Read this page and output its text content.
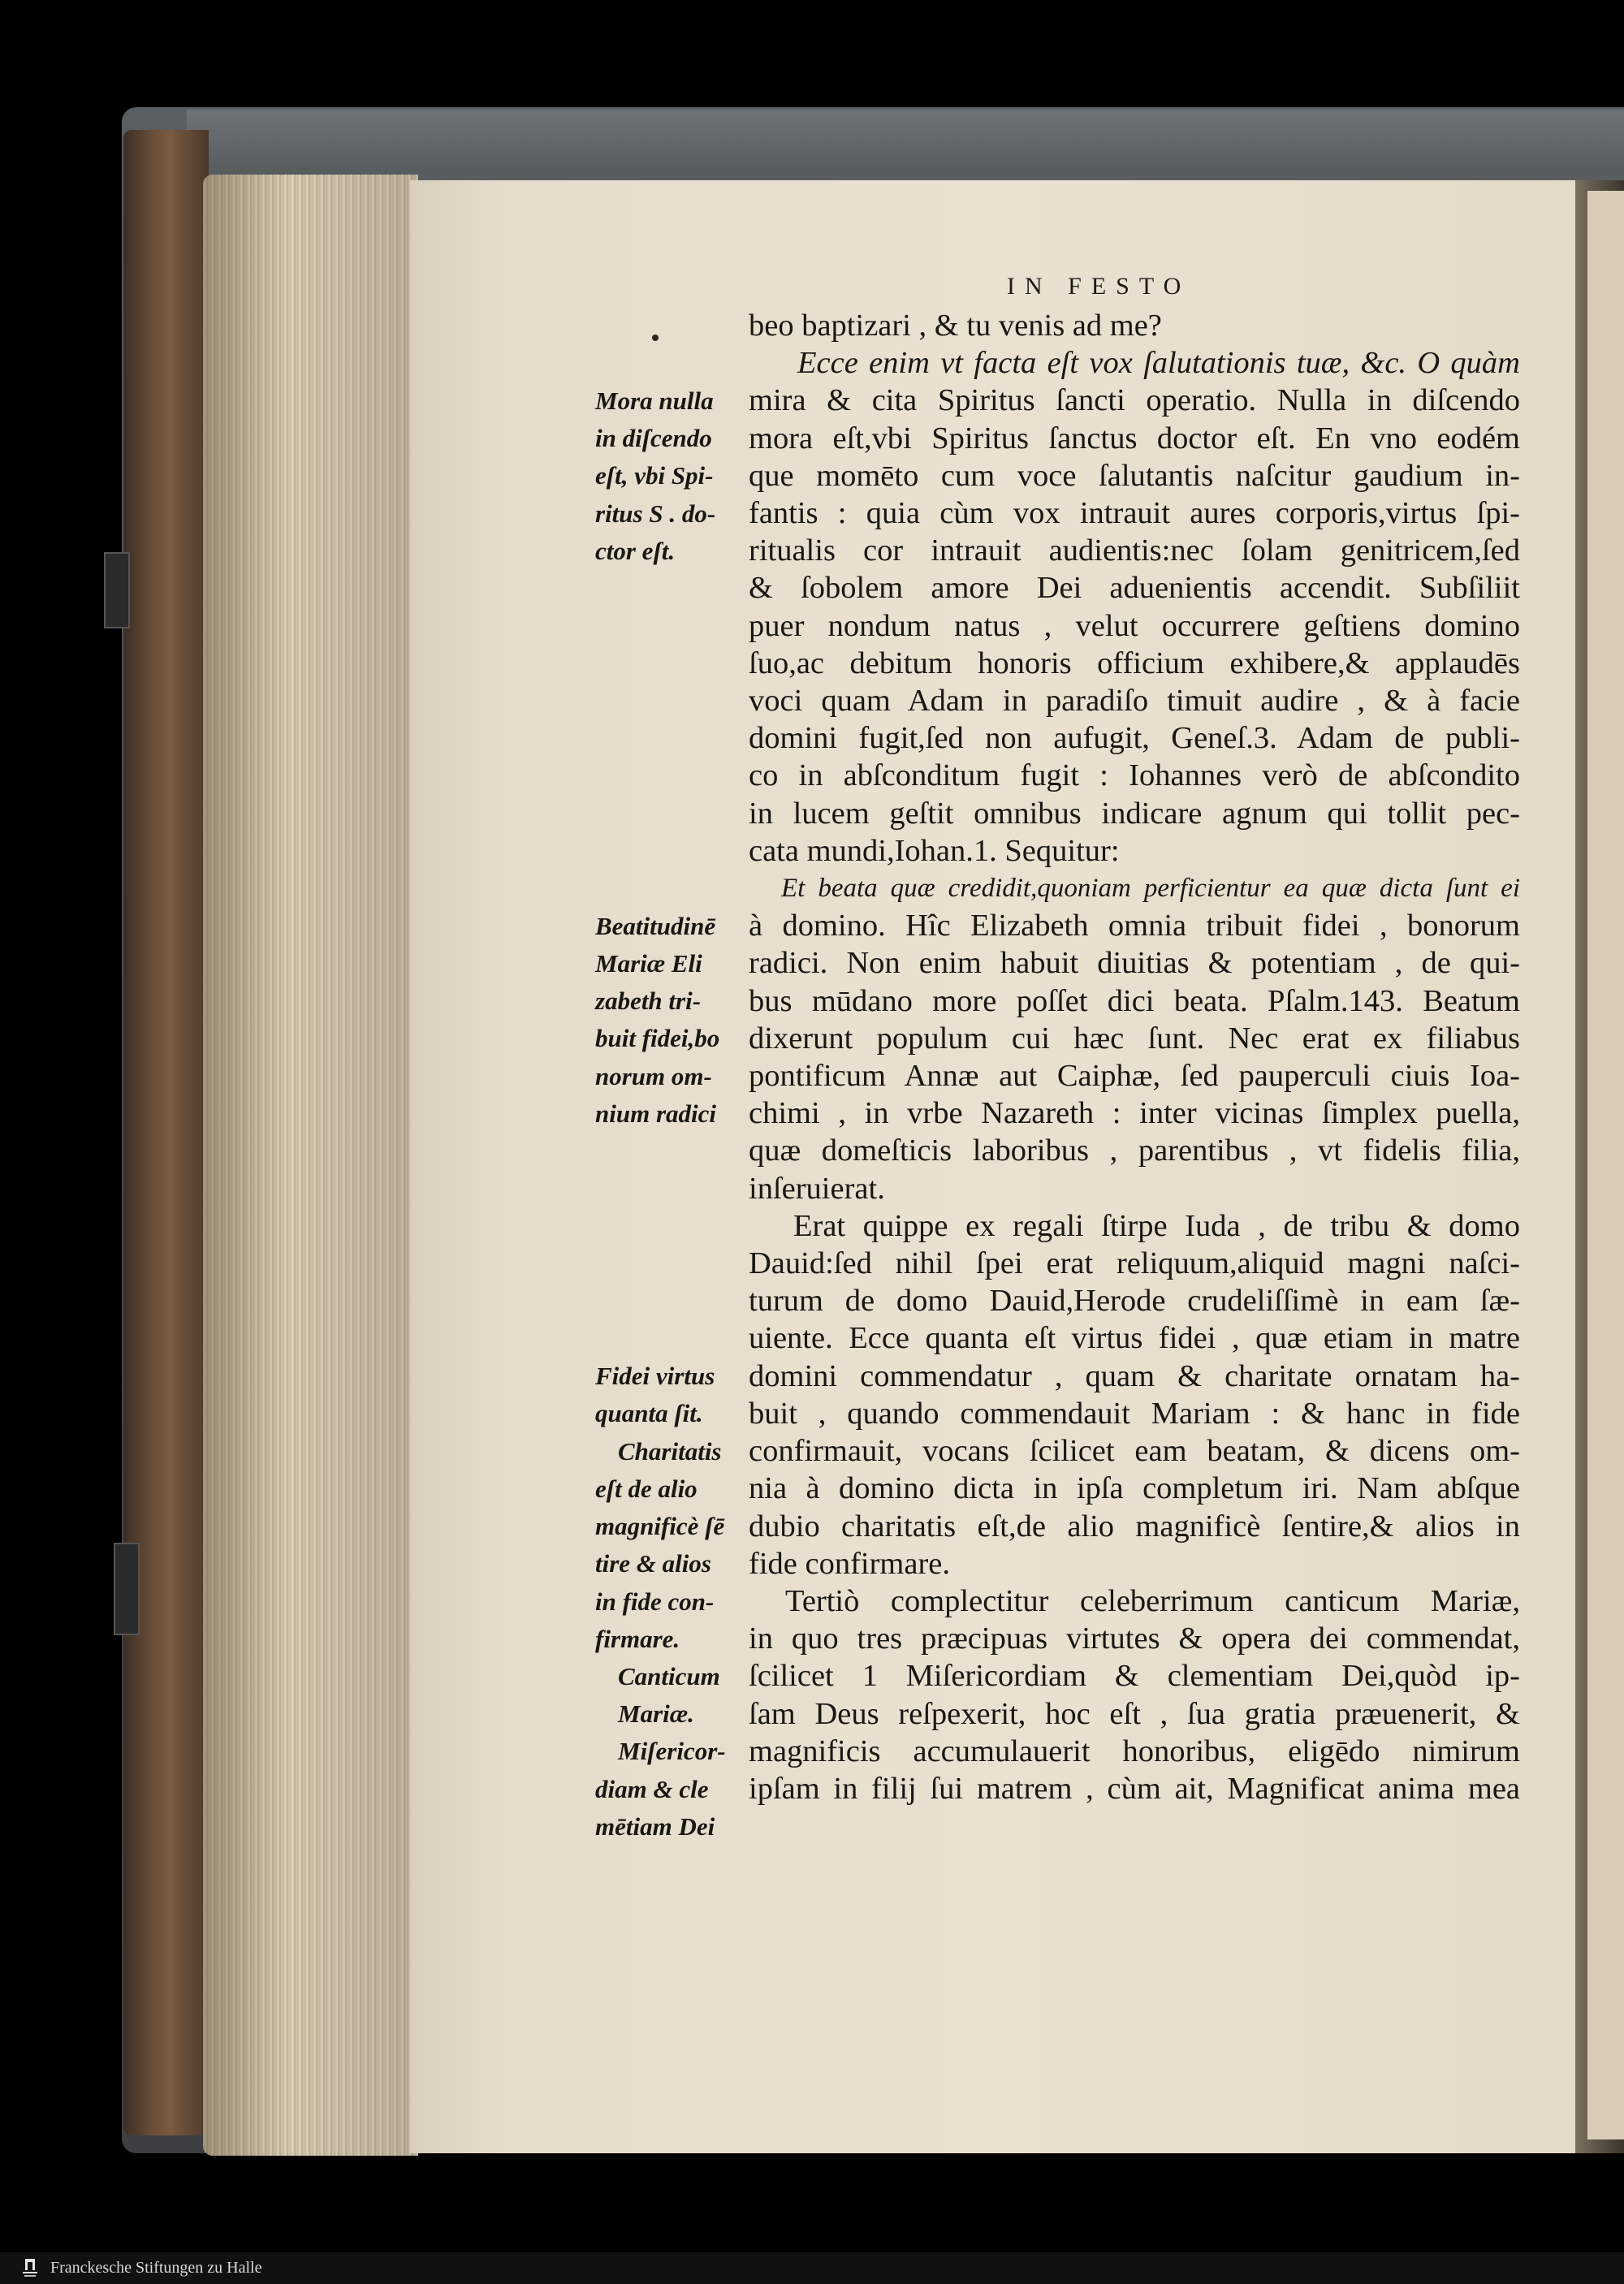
IN FESTO
beo baptizari , & tu venis ad me?
Ecce enim vt facta eſt vox ſalutationis tuæ, &c. O quàm
mira & cita Spiritus ſancti operatio. Nulla in diſcendo
mora eſt,vbi Spiritus ſanctus doctor eſt. En vno eodém
que momēto cum voce ſalutantis naſcitur gaudium in-
fantis : quia cùm vox intrauit aures corporis,virtus ſpi-
ritualis cor intrauit audientis:nec ſolam genitricem,ſed
& ſobolem amore Dei aduenientis accendit. Subſiliit
puer nondum natus , velut occurrere geſtiens domino
ſuo,ac debitum honoris officium exhibere,& applaudēs
voci quam Adam in paradiſo timuit audire , & à facie
domini fugit,ſed non aufugit, Geneſ.3. Adam de publi-
co in abſconditum fugit : Iohannes verò de abſcondito
in lucem geſtit omnibus indicare agnum qui tollit pec-
cata mundi,Iohan.1. Sequitur:
Et beata quæ credidit,quoniam perficientur ea quæ dicta ſunt ei
à domino. Hîc Elizabeth omnia tribuit fidei , bonorum
radici. Non enim habuit diuitias & potentiam , de qui-
bus mūdano more poſſet dici beata. Pſalm.143. Beatum
dixerunt populum cui hæc ſunt. Nec erat ex filiabus
pontificum Annæ aut Caiphæ, ſed pauperculi ciuis Ioa-
chimi , in vrbe Nazareth : inter vicinas ſimplex puella,
quæ domeſticis laboribus , parentibus , vt fidelis filia,
inſeruierat.
Erat quippe ex regali ſtirpe Iuda , de tribu & domo
Dauid:ſed nihil ſpei erat reliquum,aliquid magni naſci-
turum de domo Dauid,Herode crudeliſſimè in eam ſæ-
uiente. Ecce quanta eſt virtus fidei , quæ etiam in matre
domini commendatur , quam & charitate ornatam ha-
buit , quando commendauit Mariam : & hanc in fide
confirmauit, vocans ſcilicet eam beatam, & dicens om-
nia à domino dicta in ipſa completum iri. Nam abſque
dubio charitatis eſt,de alio magnificè ſentire,& alios in
fide confirmare.
Tertiò complectitur celeberrimum canticum Mariæ,
in quo tres præcipuas virtutes & opera dei commendat,
ſcilicet 1 Miſericordiam & clementiam Dei,quòd ip-
ſam Deus reſpexerit, hoc eſt , ſua gratia præuenerit, &
magnificis accumulauerit honoribus, eligēdo nimirum
ipſam in filij ſui matrem , cùm ait, Magnificat anima mea
Mora nulla
in diſcendo
eſt, vbi Spi-
ritus S . do-
ctor eſt.

Beatitudinē
Mariæ Eli
zabeth tri-
buit fidei,bo
norum om-
nium radici

Fidei virtus
quanta ſit.
Charitatis
eſt de alio
magnificè ſē
tire & alios
in fide con-
firmare.
Canticum
Mariæ.
Miſericor-
diam & cle
mētiam Dei
Franckesche Stiftungen zu Halle
